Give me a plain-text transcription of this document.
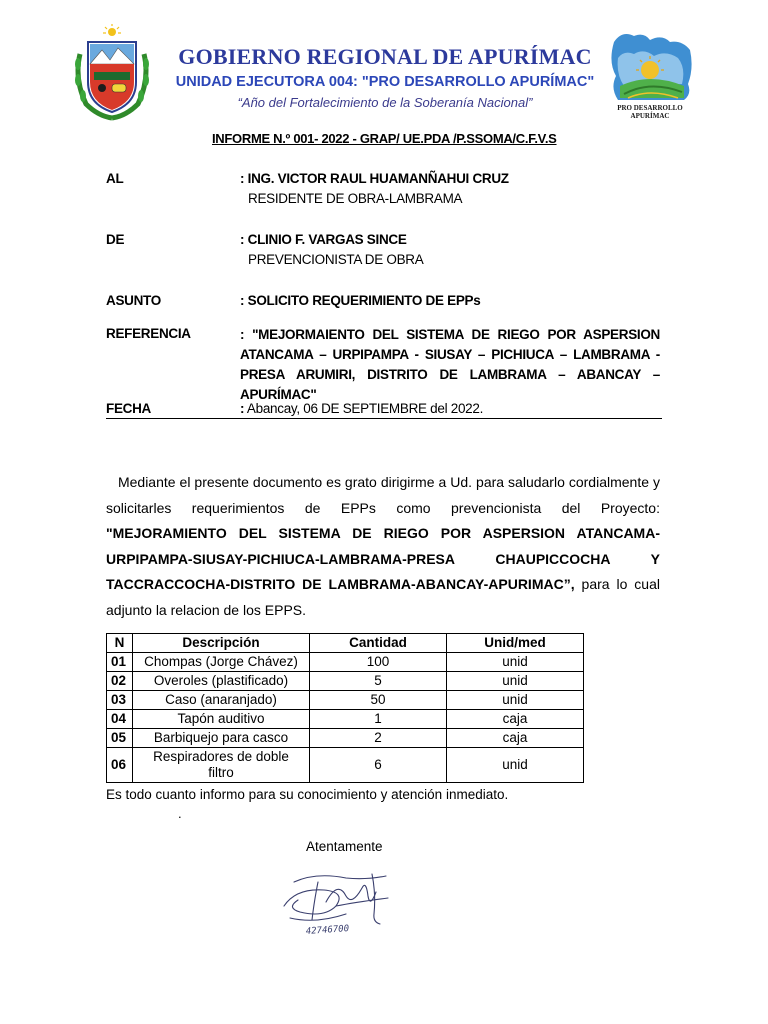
GOBIERNO REGIONAL DE APURÍMAC
UNIDAD EJECUTORA 004: "PRO DESARROLLO APURÍMAC"
“Año del Fortalecimiento de la Soberanía Nacional”	PRO DESARROLLO
APURÍMAC
INFORME N.º 001- 2022 - GRAP/ UE.PDA /P.SSOMA/C.F.V.S
AL	: ING. VICTOR RAUL HUAMANÑAHUI CRUZ
RESIDENTE DE OBRA-LAMBRAMA
DE	: CLINIO F. VARGAS SINCE
PREVENCIONISTA DE OBRA
ASUNTO	: SOLICITO REQUERIMIENTO DE EPPs
REFERENCIA	: "MEJORMAIENTO DEL SISTEMA DE RIEGO POR ASPERSION ATANCAMA – URPIPAMPA - SIUSAY – PICHIUCA – LAMBRAMA -PRESA ARUMIRI, DISTRITO DE LAMBRAMA – ABANCAY – APURÍMAC"
FECHA	: Abancay, 06 DE SEPTIEMBRE del 2022.
Mediante el presente documento es grato dirigirme a Ud. para saludarlo cordialmente y
solicitarles requerimientos de EPPs como prevencionista del Proyecto:
"MEJORAMIENTO DEL SISTEMA DE RIEGO POR ASPERSION ATANCAMA-
URPIPAMPA-SIUSAY-PICHIUCA-LAMBRAMA-PRESA CHAUPICCOCHA Y
TACCRACCOCHA-DISTRITO DE LAMBRAMA-ABANCAY-APURIMAC”, para lo cual
adjunto la relacion de los EPPS.
N	Descripción	Cantidad	Unid/med
01	Chompas (Jorge Chávez)	100	unid
02	Overoles (plastificado)	5	unid
03	Caso (anaranjado)	50	unid
04	Tapón auditivo	1	caja
05	Barbiquejo para casco	2	caja
06	Respiradores de doble filtro	6	unid
Es todo cuanto informo para su conocimiento y atención inmediato.
.
Atentamente
42746700
